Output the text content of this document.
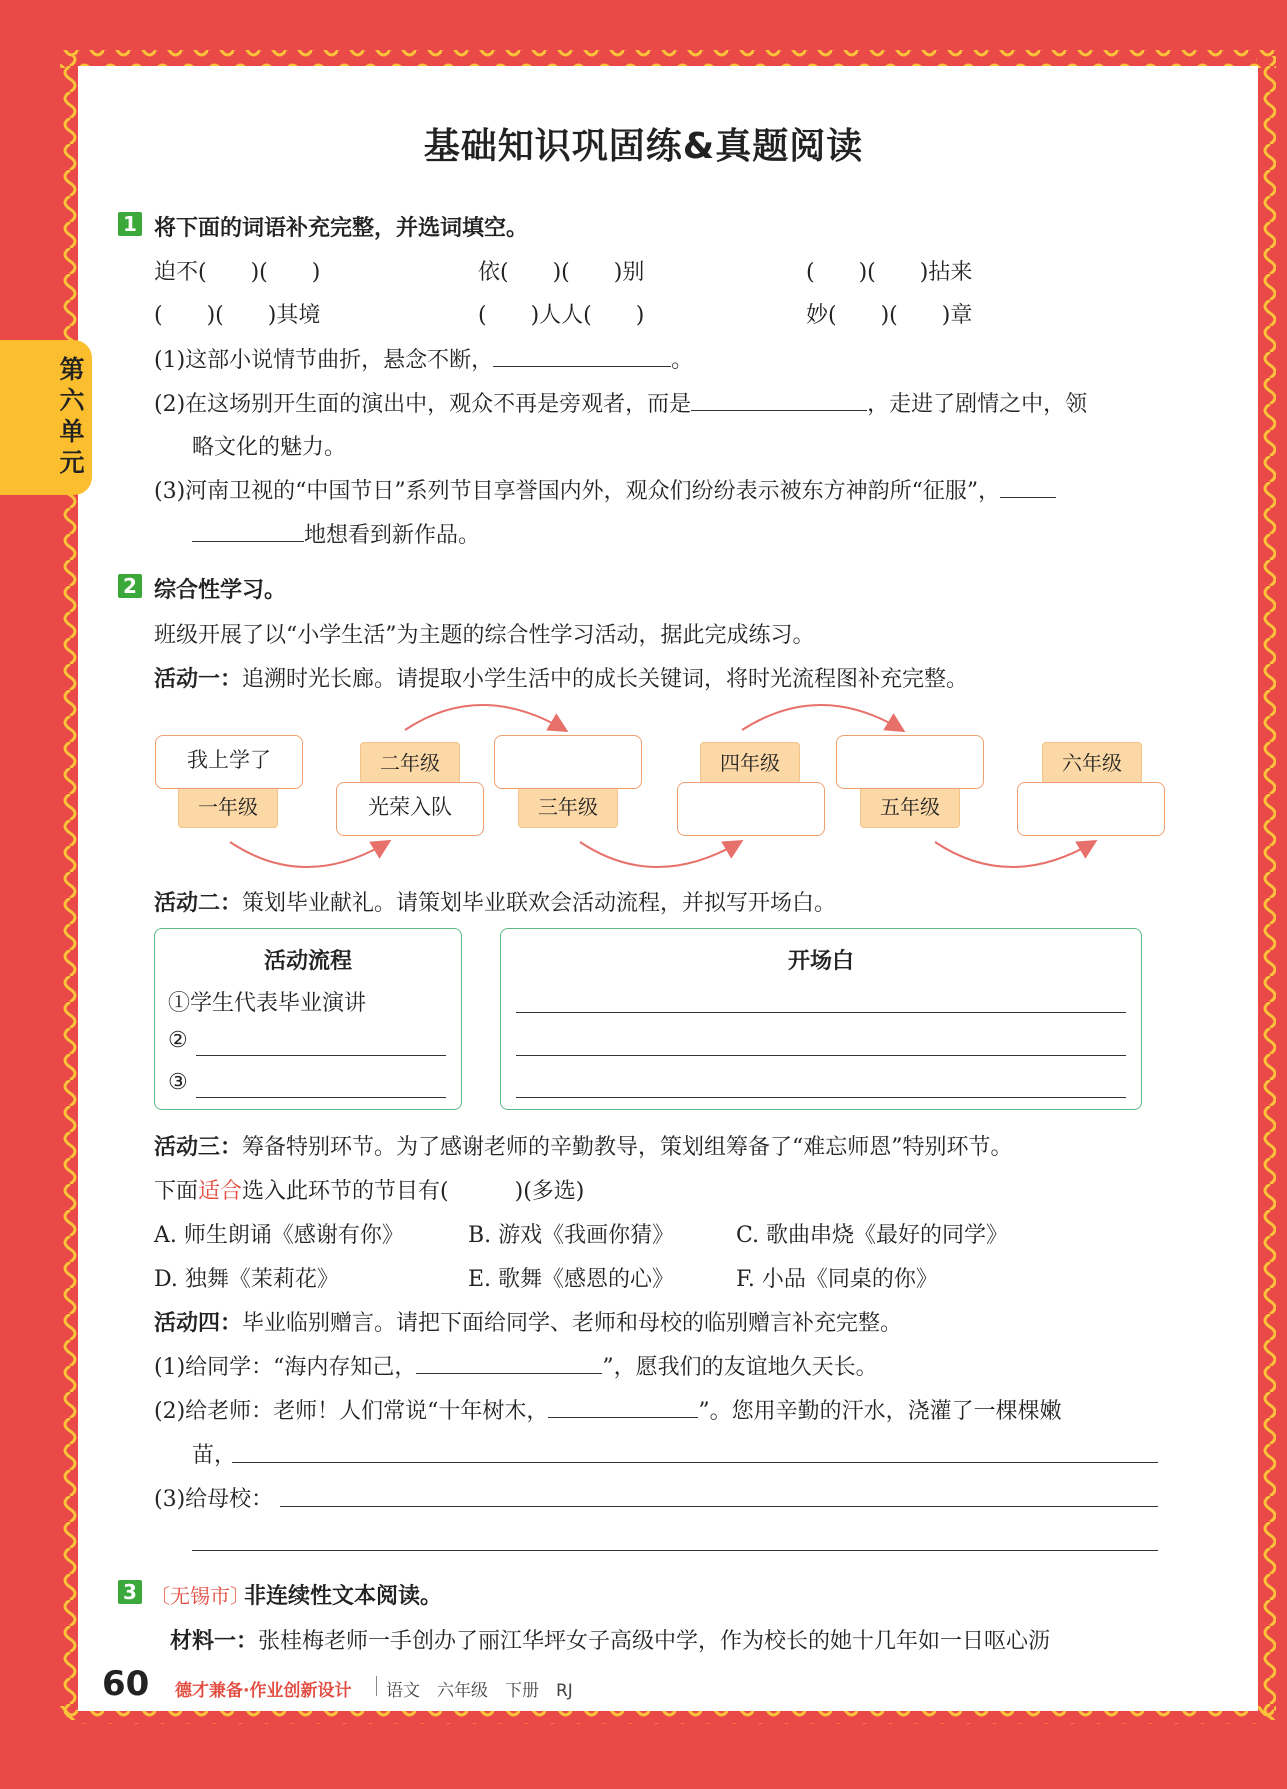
第六单元
基础知识巩固练&真题阅读
1 将下面的词语补充完整，并选词填空。
迫不(　　)(　　)	依(　　)(　　)别	(　　)(　　)拈来
(　　)(　　)其境	(　　)人人(　　)	妙(　　)(　　)章
(1)这部小说情节曲折，悬念不断，	。
(2)在这场别开生面的演出中，观众不再是旁观者，而是	，走进了剧情之中，领
略文化的魅力。
(3)河南卫视的“中国节日”系列节目享誉国内外，观众们纷纷表示被东方神韵所“征服”，
地想看到新作品。
2 综合性学习。
班级开展了以“小学生活”为主题的综合性学习活动，据此完成练习。
活动一：追溯时光长廊。请提取小学生活中的成长关键词，将时光流程图补充完整。
一年级
我上学了	二年级
光荣入队	三年级
四年级
五年级
六年级
活动二：策划毕业献礼。请策划毕业联欢会活动流程，并拟写开场白。
活动流程
①学生代表毕业演讲
②
③
开场白
活动三：筹备特别环节。为了感谢老师的辛勤教导，策划组筹备了“难忘师恩”特别环节。
下面适合选入此环节的节目有(　　　)(多选)
A. 师生朗诵《感谢有你》	B. 游戏《我画你猜》	C. 歌曲串烧《最好的同学》
D. 独舞《茉莉花》	E. 歌舞《感恩的心》	F. 小品《同桌的你》
活动四：毕业临别赠言。请把下面给同学、老师和母校的临别赠言补充完整。
(1)给同学：“海内存知己，	”，愿我们的友谊地久天长。
(2)给老师：老师！人们常说“十年树木，	”。您用辛勤的汗水，浇灌了一棵棵嫩
苗，
(3)给母校：
3 〔无锡市〕
非连续性文本阅读。
材料一：张桂梅老师一手创办了丽江华坪女子高级中学，作为校长的她十几年如一日呕心沥
60 德才兼备·作业创新设计 语文　六年级　下册　RJ
